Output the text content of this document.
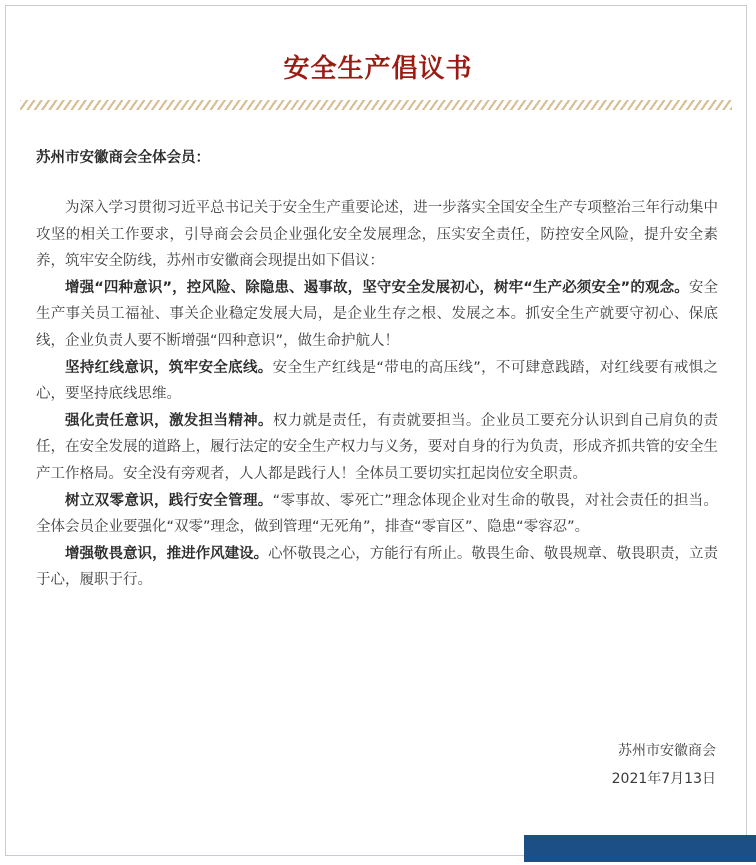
安全生产倡议书
苏州市安徽商会全体会员：

为深入学习贯彻习近平总书记关于安全生产重要论述，进一步落实全国安全生产专项整治三年行动集中攻坚的相关工作要求，引导商会会员企业强化安全发展理念，压实安全责任，防控安全风险，提升安全素养，筑牢安全防线，苏州市安徽商会现提出如下倡议：

增强“四种意识”，控风险、除隐患、遏事故，坚守安全发展初心，树牢“生产必须安全”的观念。安全生产事关员工福祉、事关企业稳定发展大局，是企业生存之根、发展之本。抓安全生产就要守初心、保底线，企业负责人要不断增强“四种意识”，做生命护航人！

坚持红线意识，筑牢安全底线。安全生产红线是“带电的高压线”，不可肆意践踏，对红线要有戒惧之心，要坚持底线思维。

强化责任意识，激发担当精神。权力就是责任，有责就要担当。企业员工要充分认识到自己肩负的责任，在安全发展的道路上，履行法定的安全生产权力与义务，要对自身的行为负责，形成齐抓共管的安全生产工作格局。安全没有旁观者，人人都是践行人！全体员工要切实扛起岗位安全职责。

树立双零意识，践行安全管理。“零事故、零死亡”理念体现企业对生命的敬畏，对社会责任的担当。全体会员企业要强化“双零”理念，做到管理“无死角”，排查“零盲区”、隐患“零容忍”。

增强敬畏意识，推进作风建设。心怀敬畏之心，方能行有所止。敬畏生命、敬畏规章、敬畏职责，立责于心，履职于行。

苏州市安徽商会
2021年7月13日
